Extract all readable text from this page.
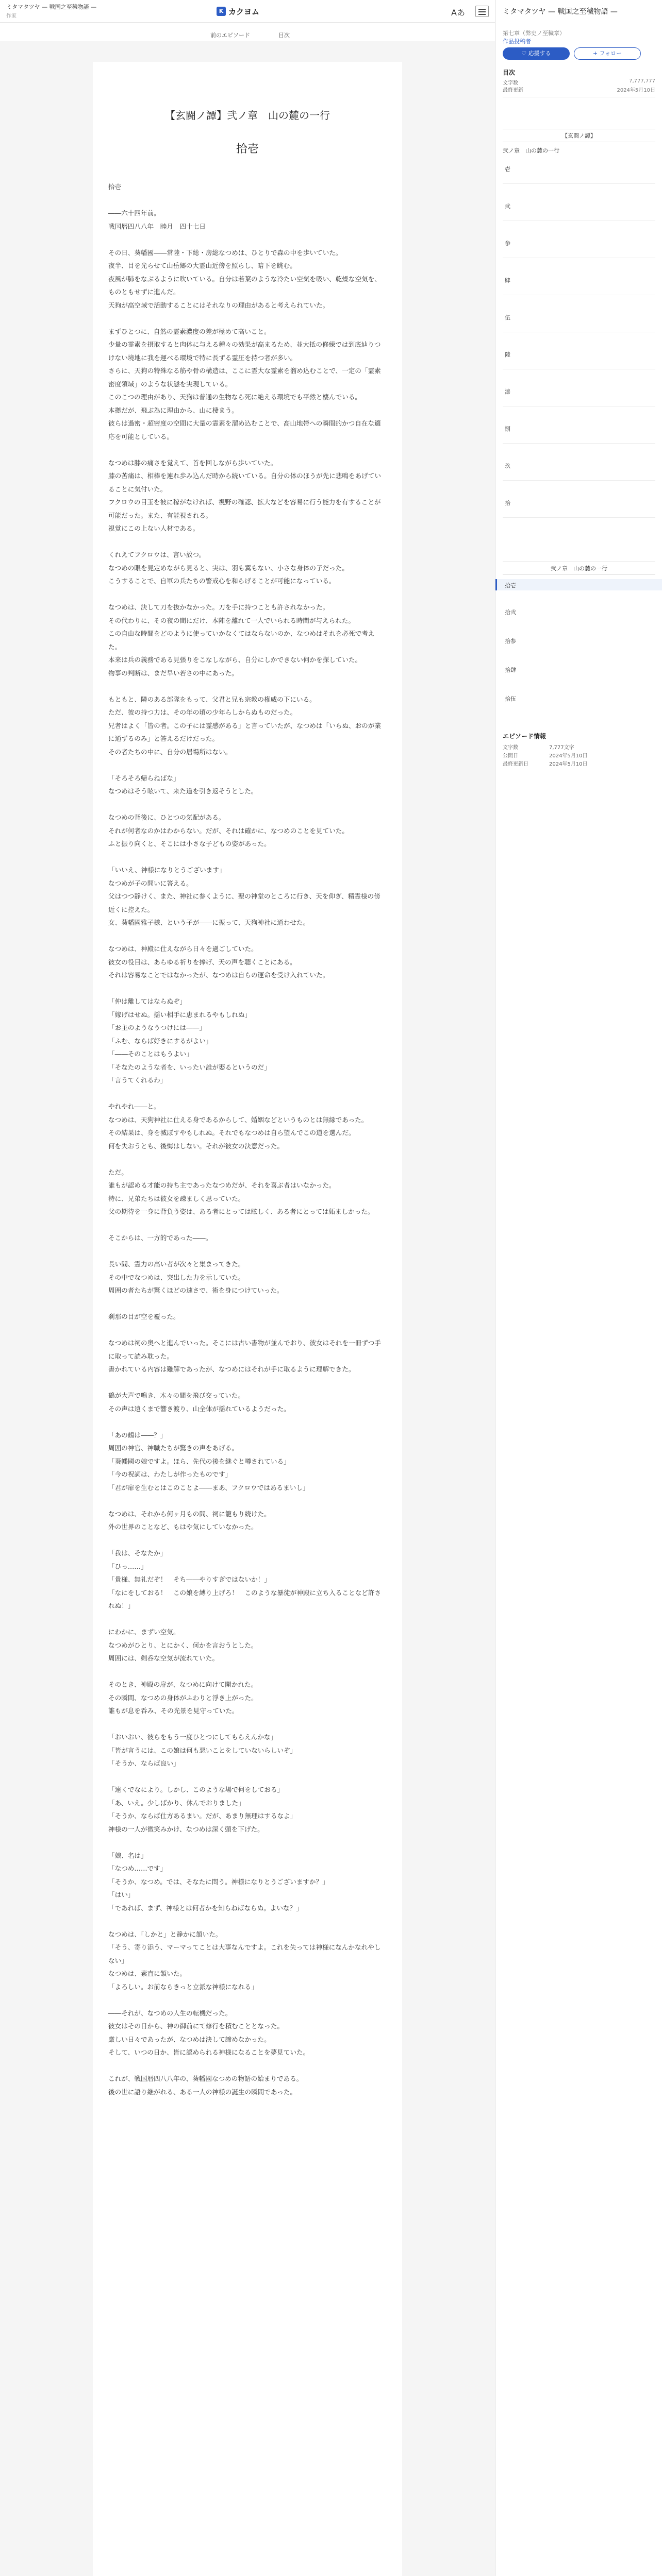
ミタマタツヤ — 戦国之至穢物語 —
作家
K カクヨム	Aあ
前のエピソード	目次
【玄闘ノ譚】弐ノ章　山の麓の一行
拾壱

拾壱

――六十四年前。

戦国暦四八八年　睦月　四十七日

その日、葵幡國――常陸・下総・房総なつめは、ひとりで森の中を歩いていた。

夜半、目を光らせて山岳郷の大霊山近傍を照らし、暗下を眺む。

夜風が肺をなぶるように吹いている。自分は若葉のような冷たい空気を吸い、乾燥な空気を、ものともせずに進んだ。

天狗が高空域で活動することにはそれなりの理由があると考えられていた。

まずひとつに、自然の霊素濃度の差が極めて高いこと。

少量の霊素を摂取すると肉体に与える種々の効果が高まるため、並大抵の修練では到底辿りつけない境地に我を運べる環境で特に長ずる霊圧を持つ者が多い。

さらに、天狗の特殊なる筋や骨の構造は、ここに霊大な霊素を溜め込むことで、一定の「霊素密度領域」のような状態を実現している。

このこつの理由があり、天狗は普通の生物なら死に絶える環境でも平然と棲んでいる。

本拠だが、飛ぶ為に理由から、山に棲まう。

彼らは過密・超密度の空間に大量の霊素を溜め込むことで、高山地帯への瞬間的かつ自在な適応を可能としている。

なつめは膝の痛さを覚えて、首を回しながら歩いていた。

膝の苦痛は、相棒を連れ歩み込んだ時から続いている。自分の体のほうが先に悲鳴をあげていることに気付いた。

フクロウの目玉を彼に稼がなければ、視野の確認、拡大などを容易に行う能力を有することが可能だった。また、有能視される。

視覚にこの上ない人材である。

くれえてフクロウは、言い放つ。

なつめの眼を見定めながら見ると、実は、羽も翼もない、小さな身体の子だった。

こうすることで、自軍の兵たちの警戒心を和らげることが可能になっている。

なつめは、決して刀を抜かなかった。刀を手に持つことも許されなかった。

その代わりに、その夜の間にだけ、本陣を離れて一人でいられる時間が与えられた。

この自由な時間をどのように使っていかなくてはならないのか、なつめはそれを必死で考えた。

本来は兵の義務である見張りをこなしながら、自分にしかできない何かを探していた。

物事の判断は、まだ早い若さの中にあった。

もともと、隣のある部隊をもって、父君と兄も宗教の権威の下にいる。

ただ、彼の持つ力は、その年の頃の少年らしからぬものだった。

兄者はよく「皆の者。この子には霊感がある」と言っていたが、なつめは「いらぬ、おのが業に通ずるのみ」と答えるだけだった。

その者たちの中に、自分の居場所はない。

「そろそろ帰らねばな」

なつめはそう呟いて、来た道を引き返そうとした。

なつめの背後に、ひとつの気配がある。

それが何者なのかはわからない。だが、それは確かに、なつめのことを見ていた。

ふと振り向くと、そこには小さな子どもの姿があった。

「いいえ、神様になりとうございます」

なつめが子の問いに答える。

父はつつ静けく、また、神社に参くように、聖の神堂のところに行き、天を仰ぎ、精霊様の傍近くに控えた。

女、葵幡國雅子様、という子が――に振って、天狗神社に通わせた。

なつめは、神殿に仕えながら日々を過ごしていた。

彼女の役目は、あらゆる祈りを捧げ、天の声を聴くことにある。

それは容易なことではなかったが、なつめは自らの運命を受け入れていた。

「仲は離してはならぬぞ」

「嫁げはせぬ。揺い相手に恵まれるやもしれぬ」

「お主のようなうつけには――」

「ふむ、ならば好きにするがよい」

「――そのことはもうよい」

「そなたのような者を、いったい誰が娶るというのだ」

「言うてくれるわ」

やれやれ――と。

なつめは、天狗神社に仕える身であるからして、婚姻などというものとは無縁であった。

その結果は、身を滅ぼすやもしれぬ。それでもなつめは自ら望んでこの道を選んだ。

何を失おうとも、後悔はしない。それが彼女の決意だった。

ただ。

誰もが認める才能の持ち主であったなつめだが、それを喜ぶ者はいなかった。

特に、兄弟たちは彼女を疎ましく思っていた。

父の期待を一身に背負う姿は、ある者にとっては眩しく、ある者にとっては妬ましかった。

そこからは、一方的であった――。

長い間、霊力の高い者が次々と集まってきた。

その中でなつめは、突出した力を示していた。

周囲の者たちが驚くほどの速さで、術を身につけていった。

刹那の目が空を覆った。

なつめは祠の奥へと進んでいった。そこには古い書物が並んでおり、彼女はそれを一冊ずつ手に取って読み耽った。

書かれている内容は難解であったが、なつめにはそれが手に取るように理解できた。

鶴が大声で鳴き、木々の間を飛び交っていた。

その声は遠くまで響き渡り、山全体が揺れているようだった。

「あの鶴は――？」

周囲の神官、神職たちが驚きの声をあげる。

「葵幡國の娘ですよ。ほら、先代の後を継ぐと噂されている」

「今の祝詞は、わたしが作ったものです」

「君が扉を生むとはこのことよ――まあ、フクロウではあるまいし」

なつめは、それから何ヶ月もの間、祠に籠もり続けた。

外の世界のことなど、もはや気にしていなかった。

「我は、そなたか」

「ひっ……」

「貴様、無礼だぞ！　そち――やりすぎではないか！」

「なにをしておる！　この娘を縛り上げろ！　このような暴徒が神殿に立ち入ることなど許されぬ！」

にわかに、まずい空気。

なつめがひとり、とにかく、何かを言おうとした。

周囲には、剣呑な空気が流れていた。

そのとき、神殿の扉が、なつめに向けて開かれた。

その瞬間、なつめの身体がふわりと浮き上がった。

誰もが息を呑み、その光景を見守っていた。

「おいおい、彼らをもう一度ひとつにしてもらえんかな」

「皆が言うには、この娘は何も悪いことをしていないらしいぞ」

「そうか、ならば良い」

「遠くでなにより。しかし、このような場で何をしておる」

「あ、いえ。少しばかり、休んでおりました」

「そうか、ならば仕方あるまい。だが、あまり無理はするなよ」

神様の一人が微笑みかけ、なつめは深く頭を下げた。

「娘、名は」

「なつめ……です」

「そうか、なつめ。では、そなたに問う。神様になりとうございますか？」

「はい」

「であれば、まず、神様とは何者かを知らねばならぬ。よいな？」

なつめは、「しかと」と静かに頷いた。

「そう、寄り添う、マーマってことは大事なんですよ。これを失っては神様になんかなれやしない」

なつめは、素直に頷いた。

「よろしい。お前ならきっと立派な神様になれる」

――それが、なつめの人生の転機だった。

彼女はその日から、神の御前にて修行を積むこととなった。

厳しい日々であったが、なつめは決して諦めなかった。

そして、いつの日か、皆に認められる神様になることを夢見ていた。

これが、戦国暦四八八年の、葵幡國なつめの物語の始まりである。

後の世に語り継がれる、ある一人の神様の誕生の瞬間であった。

ミタマタツヤ — 戦国之至穢物語 —
第七章（弊史ノ至穢章）
作品投稿者
♡ 応援する	+ フォロー
目次
文字数	7,777,777
最終更新	2024年5月10日
【玄闘ノ譚】
弐ノ章　山の麓の一行
壱
弐
参
肆
伍
陸
漆
捌
玖
拾
弐ノ章　山の麓の一行
拾壱
拾弐
拾参
拾肆
拾伍
エピソード情報
文字数	7,777文字
公開日	2024年5月10日
最終更新日	2024年5月10日
